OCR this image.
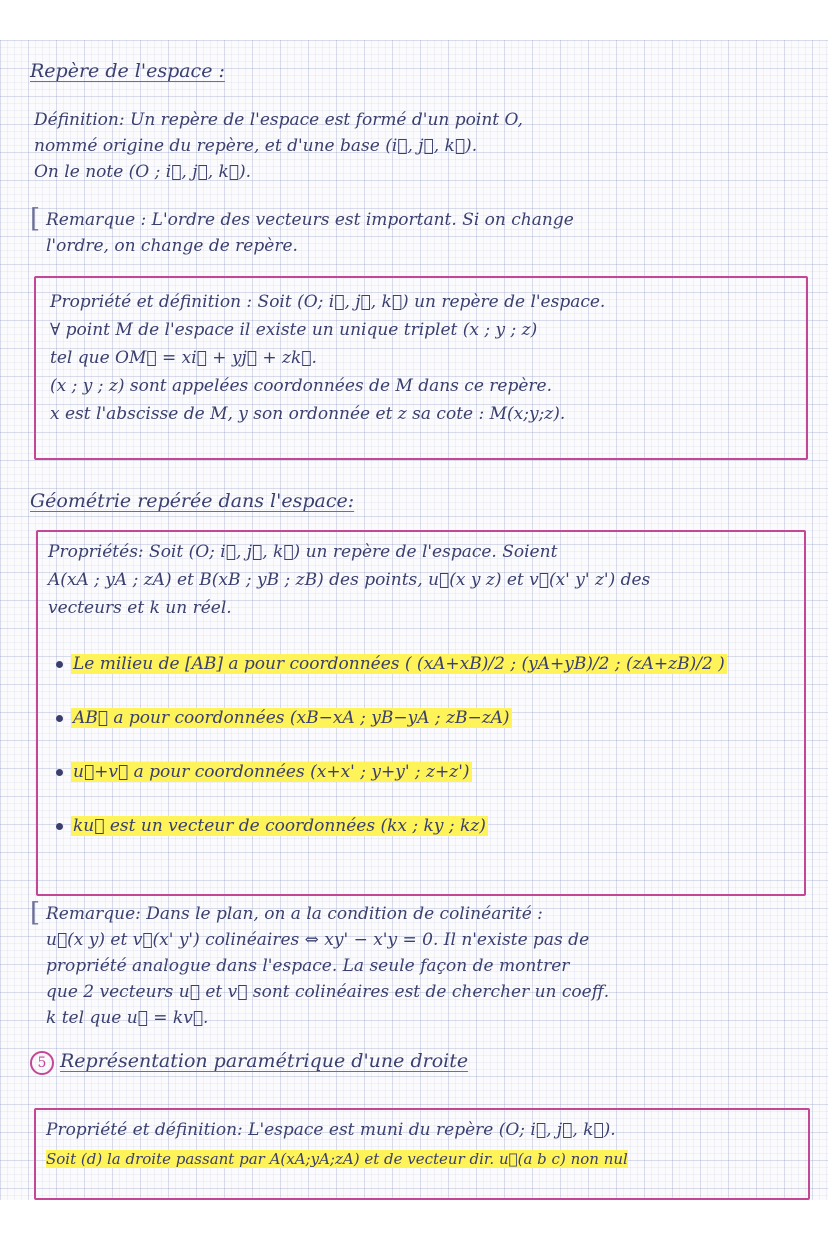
Repère de l'espace :
Définition: Un repère de l'espace est formé d'un point O,
nommé origine du repère, et d'une base (i⃗, j⃗, k⃗).
On le note (O ; i⃗, j⃗, k⃗).
[ Remarque : L'ordre des vecteurs est important. Si on change
l'ordre, on change de repère.
Propriété et définition : Soit (O; i⃗, j⃗, k⃗) un repère de l'espace.
∀ point M de l'espace il existe un unique triplet (x ; y ; z)
tel que OM⃗ = xi⃗ + yj⃗ + zk⃗.
(x ; y ; z) sont appelées coordonnées de M dans ce repère.
x est l'abscisse de M, y son ordonnée et z sa cote : M(x;y;z).
Géométrie repérée dans l'espace:
Propriétés: Soit (O; i⃗, j⃗, k⃗) un repère de l'espace. Soient
A(xA ; yA ; zA) et B(xB ; yB ; zB) des points, u⃗(x y z) et v⃗(x' y' z') des
vecteurs et k un réel.
Le milieu de [AB] a pour coordonnées ( (xA+xB)/2 ; (yA+yB)/2 ; (zA+zB)/2 )
AB⃗ a pour coordonnées (xB−xA ; yB−yA ; zB−zA)
u⃗+v⃗ a pour coordonnées (x+x' ; y+y' ; z+z')
ku⃗ est un vecteur de coordonnées (kx ; ky ; kz)
[ Remarque: Dans le plan, on a la condition de colinéarité :
u⃗(x y) et v⃗(x' y') colinéaires ⇔ xy' − x'y = 0. Il n'existe pas de
propriété analogue dans l'espace. La seule façon de montrer
que 2 vecteurs u⃗ et v⃗ sont colinéaires est de chercher un coeff.
k tel que u⃗ = kv⃗.
5 Représentation paramétrique d'une droite
Propriété et définition: L'espace est muni du repère (O; i⃗, j⃗, k⃗).
Soit (d) la droite passant par A(xA;yA;zA) et de vecteur dir. u⃗(a b c) non nul
